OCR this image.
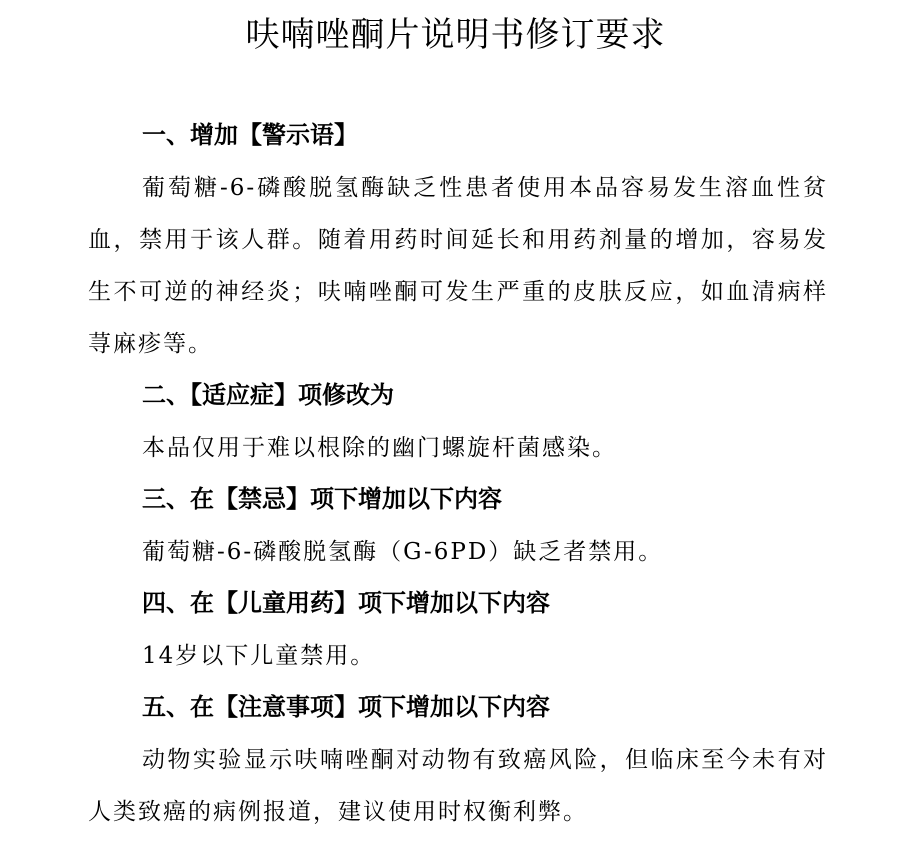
呋喃唑酮片说明书修订要求
一、增加【警示语】

葡萄糖-6-磷酸脱氢酶缺乏性患者使用本品容易发生溶血性贫血，禁用于该人群。随着用药时间延长和用药剂量的增加，容易发生不可逆的神经炎；呋喃唑酮可发生严重的皮肤反应，如血清病样荨麻疹等。

二、【适应症】项修改为

本品仅用于难以根除的幽门螺旋杆菌感染。

三、在【禁忌】项下增加以下内容

葡萄糖-6-磷酸脱氢酶（G-6PD）缺乏者禁用。

四、在【儿童用药】项下增加以下内容

14岁以下儿童禁用。

五、在【注意事项】项下增加以下内容

动物实验显示呋喃唑酮对动物有致癌风险，但临床至今未有对人类致癌的病例报道，建议使用时权衡利弊。
